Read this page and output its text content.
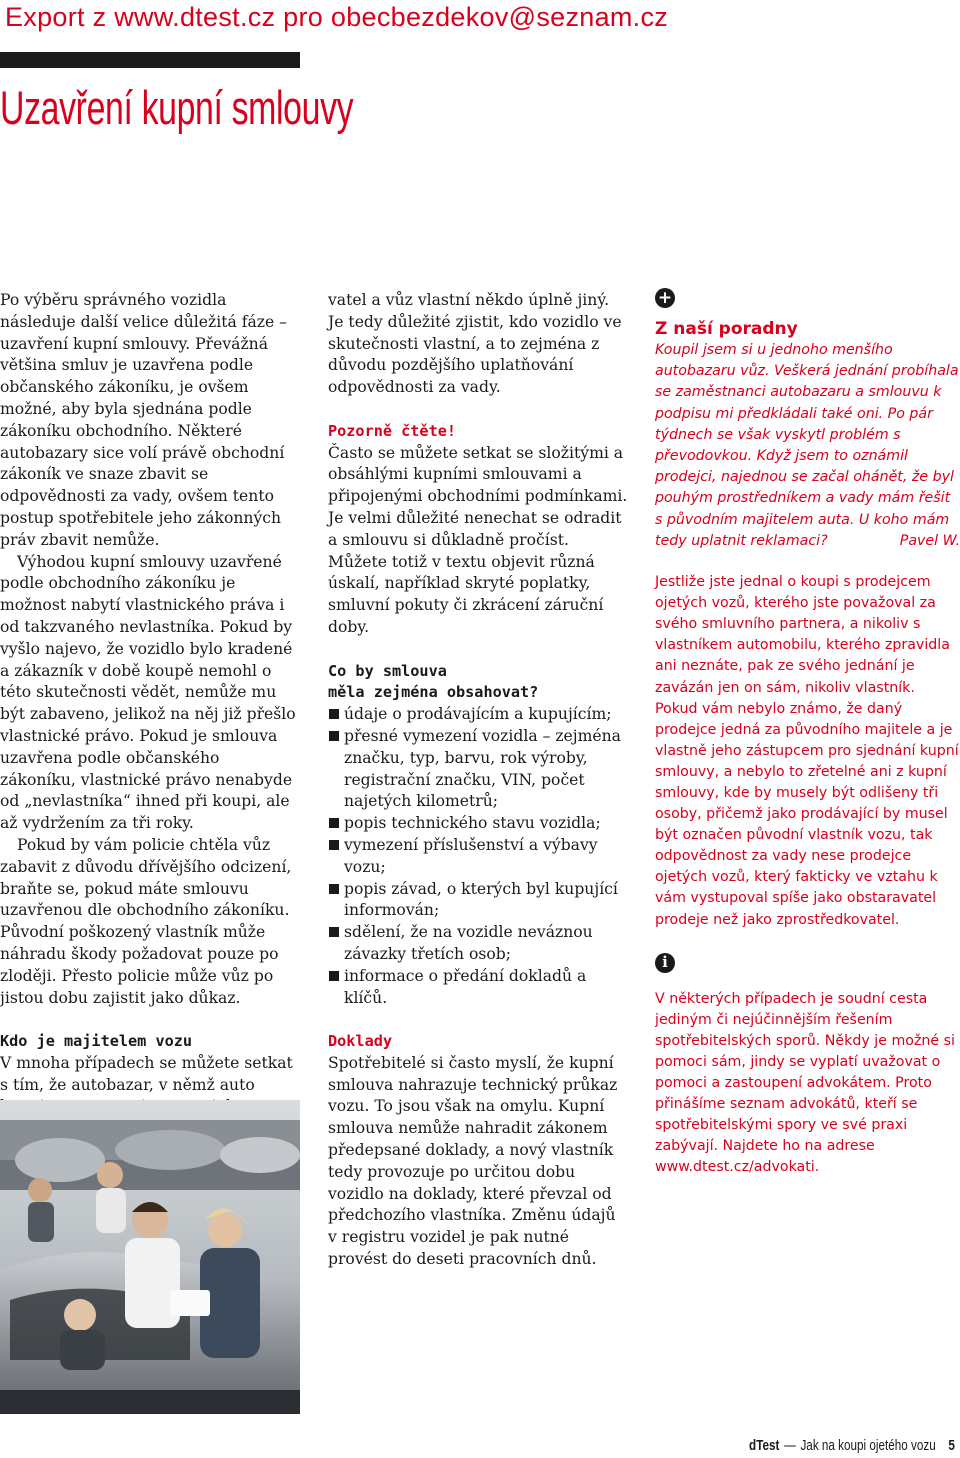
Export z www.dtest.cz pro obecbezdekov@seznam.cz
Uzavření kupní smlouvy

Po výběru správného vozidla následuje další velice důležitá fáze – uzavření kupní smlouvy. Převážná většina smluv je uzavřena podle občanského zákoníku, je ovšem možné, aby byla sjednána podle zákoníku obchodního. Některé autobazary sice volí právě obchodní zákoník ve snaze zbavit se odpovědnosti za vady, ovšem tento postup spotřebitele jeho zákonných práv zbavit nemůže.

Výhodou kupní smlouvy uzavřené podle obchodního zákoníku je možnost nabytí vlastnického práva i od takzvaného nevlastníka. Pokud by vyšlo najevo, že vozidlo bylo kradené a zákazník v době koupě nemohl o této skutečnosti vědět, nemůže mu být zabaveno, jelikož na něj již přešlo vlastnické právo. Pokud je smlouva uzavřena podle občanského zákoníku, vlastnické právo nenabyde od „nevlastníka“ ihned při koupi, ale až vydržením za tři roky.

Pokud by vám policie chtěla vůz zabavit z důvodu dřívějšího odcizení, braňte se, pokud máte smlouvu uzavřenou dle obchodního zákoníku. Původní poškozený vlastník může náhradu škody požadovat pouze po zloději. Přesto policie může vůz po jistou dobu zajistit jako důkaz.

Kdo je majitelem vozu

V mnoha případech se můžete setkat s tím, že autobazar, v němž auto

vatel a vůz vlastní někdo úplně jiný. Je tedy důležité zjistit, kdo vozidlo ve skutečnosti vlastní, a to zejména z důvodu pozdějšího uplatňování odpovědnosti za vady.

Pozorně čtěte!

Často se můžete setkat se složitými a obsáhlými kupními smlouvami a připojenými obchodními podmínkami. Je velmi důležité nenechat se odradit a smlouvu si důkladně pročíst. Můžete totiž v textu objevit různá úskalí, například skryté poplatky, smluvní pokuty či zkrácení záruční doby.

Co by smlouva
měla zejména obsahovat?
údaje o prodávajícím a kupujícím;
přesné vymezení vozidla – zejména značku, typ, barvu, rok výroby, registrační značku, VIN, počet najetých kilometrů;
popis technického stavu vozidla;
vymezení příslušenství a výbavy vozu;
popis závad, o kterých byl kupující informován;
sdělení, že na vozidle neváznou závazky třetích osob;
informace o předání dokladů a klíčů.
Doklady

Spotřebitelé si často myslí, že kupní smlouva nahrazuje technický průkaz vozu. To jsou však na omylu. Kupní smlouva nemůže nahradit zákonem předepsané doklady, a nový vlastník tedy provozuje po určitou dobu vozidlo na doklady, které převzal od předchozího vlastníka. Změnu údajů v registru vozidel je pak nutné provést do deseti pracovních dnů.

+
Z naší poradny
Koupil jsem si u jednoho menšího autobazaru vůz. Veškerá jednání probíhala se zaměstnanci autobazaru a smlouvu k podpisu mi předkládali také oni. Po pár týdnech se však vyskytl problém s převodovkou. Když jsem to oznámil prodejci, najednou se začal ohánět, že byl pouhým prostředníkem a vady mám řešit s původním majitelem auta. U koho mám tedy uplatnit reklamaci?	Pavel W.

Jestliže jste jednal o koupi s prodejcem ojetých vozů, kterého jste považoval za svého smluvního partnera, a nikoliv s vlastníkem automobilu, kterého zpravidla ani neznáte, pak ze svého jednání je zavázán jen on sám, nikoliv vlastník. Pokud vám nebylo známo, že daný prodejce jedná za původního majitele a je vlastně jeho zástupcem pro sjednání kupní smlouvy, a nebylo to zřetelné ani z kupní smlouvy, kde by musely být odlišeny tři osoby, přičemž jako prodávající by musel být označen původní vlastník vozu, tak odpovědnost za vady nese prodejce ojetých vozů, který fakticky ve vztahu k vám vystupoval spíše jako obstaravatel prodeje než jako zprostředkovatel.

i

V některých případech je soudní cesta jediným či nejúčinnějším řešením spotřebitelských sporů. Někdy je možné si pomoci sám, jindy se vyplatí uvažovat o pomoci a zastoupení advokátem. Proto přinášíme seznam advokátů, kteří se spotřebitelskými spory ve své praxi zabývají. Najdete ho na adrese www.dtest.cz/advokati.

dTest — Jak na koupi ojetého vozu 5
